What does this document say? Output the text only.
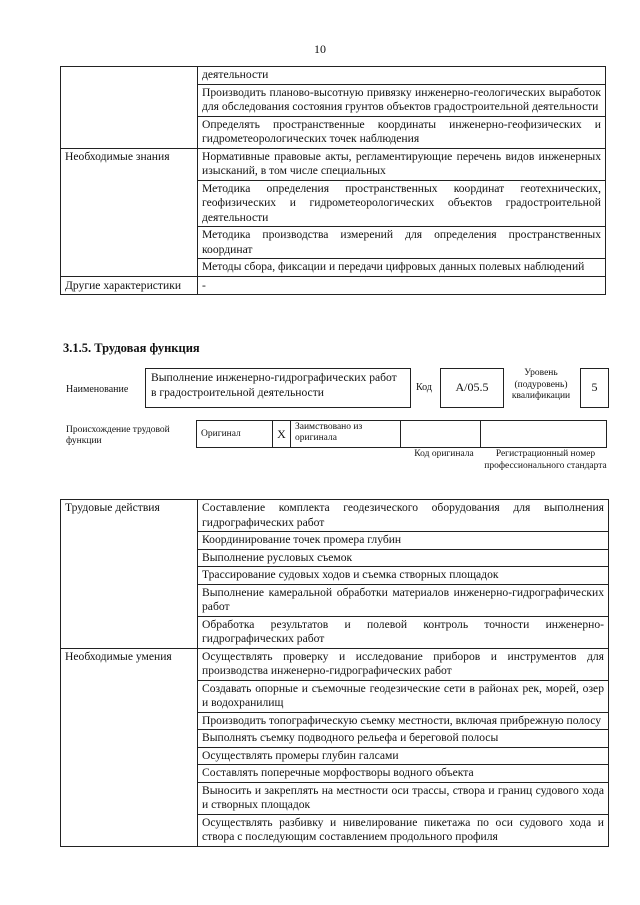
10
	деятельности
	Производить планово-высотную привязку инженерно-геологических выработок для обследования состояния грунтов объектов градостроительной деятельности
	Определять пространственные координаты инженерно-геофизических и гидрометеорологических точек наблюдения
Необходимые знания	Нормативные правовые акты, регламентирующие перечень видов инженерных изысканий, в том числе специальных
	Методика определения пространственных координат геотехнических, геофизических и гидрометеорологических объектов градостроительной деятельности
	Методика производства измерений для определения пространственных координат
	Методы сбора, фиксации и передачи цифровых данных полевых наблюдений
Другие характеристики	-
3.1.5. Трудовая функция
Наименование
Выполнение инженерно-гидрографических работ в градостроительной деятельности	Код	A/05.5
Уровень (подуровень) квалификации
5
Происхождение трудовой функции
Оригинал	X	Заимствовано из оригинала		
Код оригинала	Регистрационный номер профессионального стандарта
Трудовые действия	Составление комплекта геодезического оборудования для выполнения гидрографических работ
	Координирование точек промера глубин
	Выполнение русловых съемок
	Трассирование судовых ходов и съемка створных площадок
	Выполнение камеральной обработки материалов инженерно-гидрографических работ
	Обработка результатов и полевой контроль точности инженерно-гидрографических работ
Необходимые умения	Осуществлять проверку и исследование приборов и инструментов для производства инженерно-гидрографических работ
	Создавать опорные и съемочные геодезические сети в районах рек, морей, озер и водохранилищ
	Производить топографическую съемку местности, включая прибрежную полосу
	Выполнять съемку подводного рельефа и береговой полосы
	Осуществлять промеры глубин галсами
	Составлять поперечные морфостворы водного объекта
	Выносить и закреплять на местности оси трассы, створа и границ судового хода и створных площадок
	Осуществлять разбивку и нивелирование пикетажа по оси судового хода и створа с последующим составлением продольного профиля
